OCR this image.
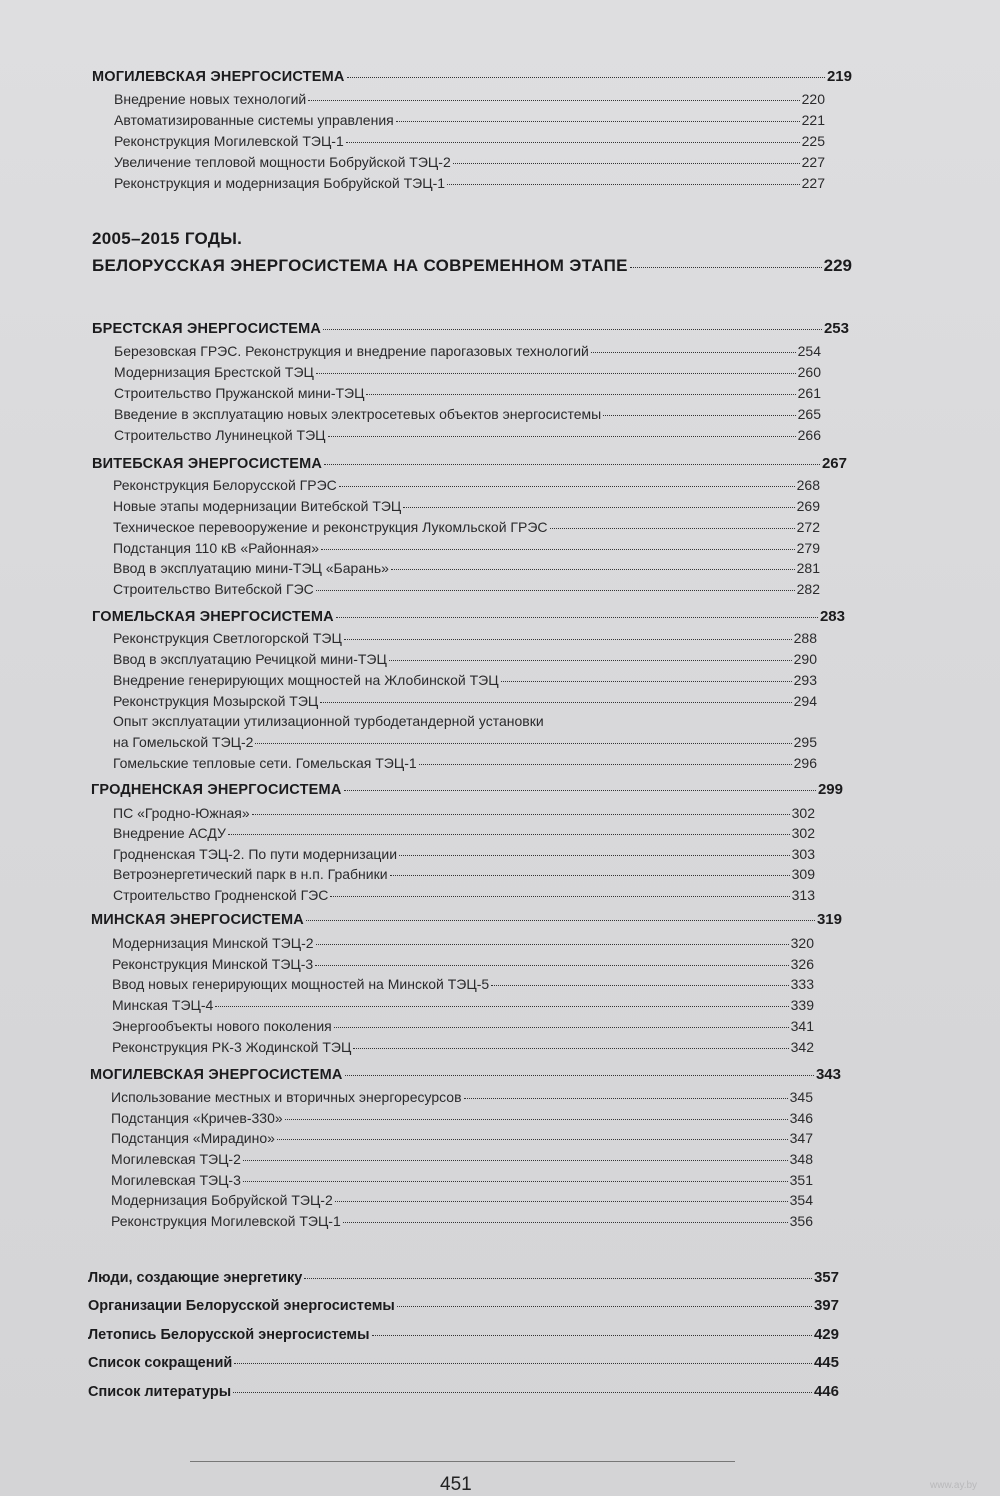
МОГИЛЕВСКАЯ ЭНЕРГОСИСТЕМА	219
Внедрение новых технологий	220
Автоматизированные системы управления	221
Реконструкция Могилевской ТЭЦ-1	225
Увеличение тепловой мощности Бобруйской ТЭЦ-2	227
Реконструкция и модернизация Бобруйской ТЭЦ-1	227
2005–2015 ГОДЫ.
БЕЛОРУССКАЯ ЭНЕРГОСИСТЕМА НА СОВРЕМЕННОМ ЭТАПЕ	229
БРЕСТСКАЯ ЭНЕРГОСИСТЕМА	253
Березовская ГРЭС. Реконструкция и внедрение парогазовых технологий	254
Модернизация Брестской ТЭЦ	260
Строительство Пружанской мини-ТЭЦ	261
Введение в эксплуатацию новых электросетевых объектов энергосистемы	265
Строительство Лунинецкой ТЭЦ	266
ВИТЕБСКАЯ ЭНЕРГОСИСТЕМА	267
Реконструкция Белорусской ГРЭС	268
Новые этапы модернизации Витебской ТЭЦ	269
Техническое перевооружение и реконструкция Лукомльской ГРЭС	272
Подстанция 110 кВ «Районная»	279
Ввод в эксплуатацию мини-ТЭЦ «Барань»	281
Строительство Витебской ГЭС	282
ГОМЕЛЬСКАЯ ЭНЕРГОСИСТЕМА	283
Реконструкция Светлогорской ТЭЦ	288
Ввод в эксплуатацию Речицкой мини-ТЭЦ	290
Внедрение генерирующих мощностей на Жлобинской ТЭЦ	293
Реконструкция Мозырской ТЭЦ	294
Опыт эксплуатации утилизационной турбодетандерной установки
на Гомельской ТЭЦ-2	295
Гомельские тепловые сети. Гомельская ТЭЦ-1	296
ГРОДНЕНСКАЯ ЭНЕРГОСИСТЕМА	299
ПС «Гродно-Южная»	302
Внедрение АСДУ	302
Гродненская ТЭЦ-2. По пути модернизации	303
Ветроэнергетический парк в н.п. Грабники	309
Строительство Гродненской ГЭС	313
МИНСКАЯ ЭНЕРГОСИСТЕМА	319
Модернизация Минской ТЭЦ-2	320
Реконструкция Минской ТЭЦ-3	326
Ввод новых генерирующих мощностей на Минской ТЭЦ-5	333
Минская ТЭЦ-4	339
Энергообъекты нового поколения	341
Реконструкция РК-3 Жодинской ТЭЦ	342
МОГИЛЕВСКАЯ ЭНЕРГОСИСТЕМА	343
Использование местных и вторичных энергоресурсов	345
Подстанция «Кричев-330»	346
Подстанция «Мирадино»	347
Могилевская ТЭЦ-2	348
Могилевская ТЭЦ-3	351
Модернизация Бобруйской ТЭЦ-2	354
Реконструкция Могилевской ТЭЦ-1	356
Люди, создающие энергетику	357
Организации Белорусской энергосистемы	397
Летопись Белорусской энергосистемы	429
Список сокращений	445
Список литературы	446
451	www.ay.by
